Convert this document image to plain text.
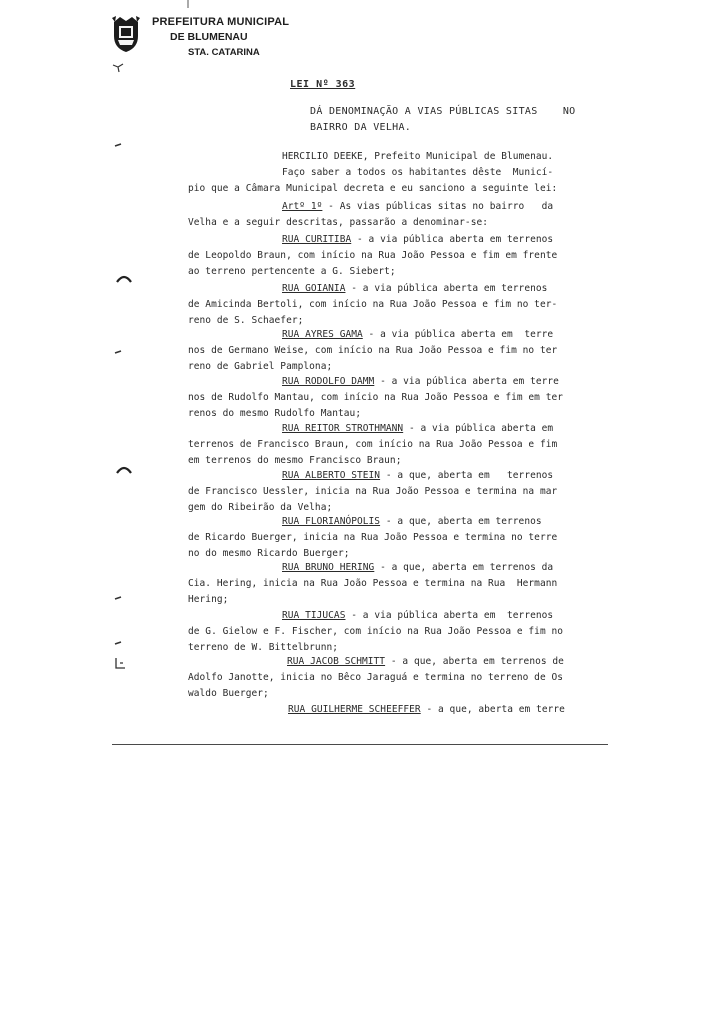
PREFEITURA MUNICIPAL
DE BLUMENAU
STA. CATARINA
LEI Nº 363
DÁ DENOMINAÇÃO A VIAS PÚBLICAS SITAS    NO
BAIRRO DA VELHA.
HERCILIO DEEKE, Prefeito Municipal de Blumenau.
Faço saber a todos os habitantes dêste  Municí-
pio que a Câmara Municipal decreta e eu sanciono a seguinte lei:
Artº 1º - As vias públicas sitas no bairro   da
Velha e a seguir descritas, passarão a denominar-se:
RUA CURITIBA - a via pública aberta em terrenos
de Leopoldo Braun, com início na Rua João Pessoa e fim em frente
ao terreno pertencente a G. Siebert;
RUA GOIANIA - a via pública aberta em terrenos
de Amicinda Bertoli, com início na Rua João Pessoa e fim no ter-
reno de S. Schaefer;
RUA AYRES GAMA - a via pública aberta em  terre
nos de Germano Weise, com início na Rua João Pessoa e fim no ter
reno de Gabriel Pamplona;
RUA RODOLFO DAMM - a via pública aberta em terre
nos de Rudolfo Mantau, com início na Rua João Pessoa e fim em ter
renos do mesmo Rudolfo Mantau;
RUA REITOR STROTHMANN - a via pública aberta em
terrenos de Francisco Braun, com início na Rua João Pessoa e fim
em terrenos do mesmo Francisco Braun;
RUA ALBERTO STEIN - a que, aberta em   terrenos
de Francisco Uessler, inicia na Rua João Pessoa e termina na mar
gem do Ribeirão da Velha;
RUA FLORIANÓPOLIS - a que, aberta em terrenos
de Ricardo Buerger, inicia na Rua João Pessoa e termina no terre
no do mesmo Ricardo Buerger;
RUA BRUNO HERING - a que, aberta em terrenos da
Cia. Hering, inicia na Rua João Pessoa e termina na Rua  Hermann
Hering;
RUA TIJUCAS - a via pública aberta em  terrenos
de G. Gielow e F. Fischer, com início na Rua João Pessoa e fim no
terreno de W. Bittelbrunn;
RUA JACOB SCHMITT - a que, aberta em terrenos de
Adolfo Janotte, inicia no Bêco Jaraguá e termina no terreno de Os
waldo Buerger;
RUA GUILHERME SCHEEFFER - a que, aberta em terre
